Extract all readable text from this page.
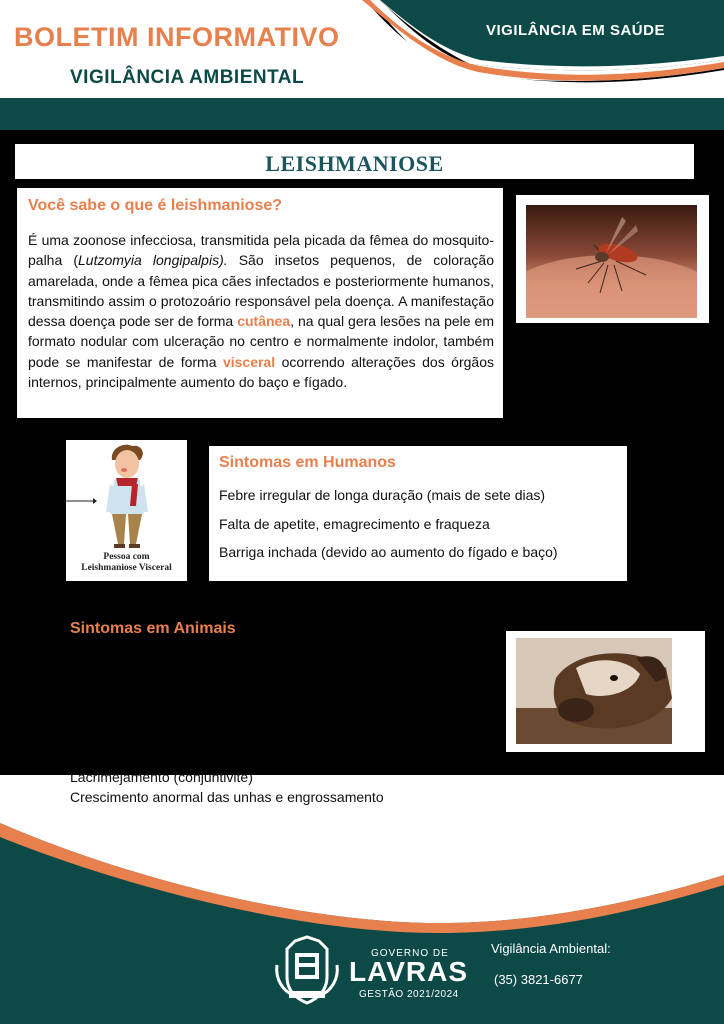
BOLETIM INFORMATIVO
VIGILÂNCIA AMBIENTAL
VIGILÂNCIA EM SAÚDE
LEISHMANIOSE
Você sabe o que é leishmaniose?
É uma zoonose infecciosa, transmitida pela picada da fêmea do mosquito-palha (Lutzomyia longipalpis). São insetos pequenos, de coloração amarelada, onde a fêmea pica cães infectados e posteriormente humanos, transmitindo assim o protozoário responsável pela doença. A manifestação dessa doença pode ser de forma cutânea, na qual gera lesões na pele em formato nodular com ulceração no centro e normalmente indolor, também pode se manifestar de forma visceral ocorrendo alterações dos órgãos internos, principalmente aumento do baço e fígado.
Pessoa com
Leishmaniose Visceral
Sintomas em Humanos
Febre irregular de longa duração (mais de sete dias)
Falta de apetite, emagrecimento e fraqueza
Barriga inchada (devido ao aumento do fígado e baço)
Sintomas em Animais
Lacrimejamento (conjuntivite)
Crescimento anormal das unhas e engrossamento
GOVERNO DE
LAVRAS
GESTÃO 2021/2024
Vigilância Ambiental:
(35) 3821-6677
